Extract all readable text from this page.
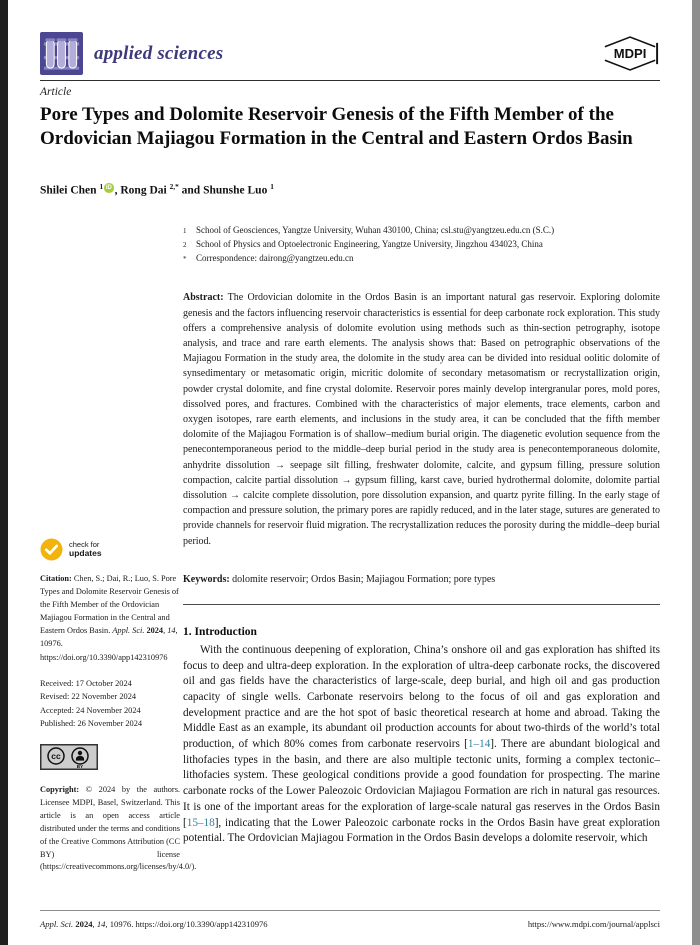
applied sciences	MDPI
Article
Pore Types and Dolomite Reservoir Genesis of the Fifth Member of the Ordovician Majiagou Formation in the Central and Eastern Ordos Basin
Shilei Chen $^1$ iD , Rong Dai $^{2,*}$ and Shunshe Luo $^1$
1	School of Geosciences, Yangtze University, Wuhan 430100, China; csl.stu@yangtzeu.edu.cn (S.C.)
2	School of Physics and Optoelectronic Engineering, Yangtze University, Jingzhou 434023, China
*	Correspondence: dairong@yangtzeu.edu.cn
Abstract: The Ordovician dolomite in the Ordos Basin is an important natural gas reservoir. Exploring dolomite genesis and the factors influencing reservoir characteristics is essential for deep carbonate rock exploration. This study offers a comprehensive analysis of dolomite evolution using methods such as thin-section petrography, isotope analysis, and trace and rare earth elements. The analysis shows that: Based on petrographic observations of the Majiagou Formation in the study area, the dolomite in the study area can be divided into residual oolitic dolomite of synsedimentary or metasomatic origin, micritic dolomite of secondary metasomatism or recrystallization origin, powder crystal dolomite, and fine crystal dolomite. Reservoir pores mainly develop intergranular pores, mold pores, dissolved pores, and fractures. Combined with the characteristics of major elements, trace elements, carbon and oxygen isotopes, rare earth elements, and inclusions in the study area, it can be concluded that the fifth member dolomite of the Majiagou Formation is of shallow–medium burial origin. The diagenetic evolution sequence from the penecontemporaneous period to the middle–deep burial period in the study area is penecontemporaneous dolomite, anhydrite dissolution → seepage silt filling, freshwater dolomite, calcite, and gypsum filling, pressure solution compaction, calcite partial dissolution → gypsum filling, karst cave, buried hydrothermal dolomite, dolomite partial dissolution → calcite complete dissolution, pore dissolution expansion, and quartz pyrite filling. In the early stage of compaction and pressure solution, the primary pores are rapidly reduced, and in the later stage, sutures are generated to provide channels for reservoir fluid migration. The recrystallization reduces the porosity during the middle–deep burial period.
Keywords: dolomite reservoir; Ordos Basin; Majiagou Formation; pore types
1. Introduction
With the continuous deepening of exploration, China’s onshore oil and gas exploration has shifted its focus to deep and ultra-deep exploration. In the exploration of ultra-deep carbonate rocks, the discovered oil and gas fields have the characteristics of large-scale, deep burial, and high oil and gas production capacity of single wells. Carbonate reservoirs belong to the focus of oil and gas exploration and development practice and are the hot spot of basic theoretical research at home and abroad. Taking the Middle East as an example, its abundant oil production accounts for about two-thirds of the world’s total production, of which 80% comes from carbonate reservoirs [1–14]. There are abundant biological and lithofacies types in the basin, and there are also multiple tectonic units, forming a complex tectonic–lithofacies system. These geological conditions provide a good foundation for prospecting. The marine carbonate rocks of the Lower Paleozoic Ordovician Majiagou Formation are rich in natural gas resources. It is one of the important areas for the exploration of large-scale natural gas reserves in the Ordos Basin [15–18], indicating that the Lower Paleozoic carbonate rocks in the Ordos Basin have great exploration potential. The Ordovician Majiagou Formation in the Ordos Basin develops a dolomite reservoir, which
check for
updates
Citation: Chen, S.; Dai, R.; Luo, S. Pore Types and Dolomite Reservoir Genesis of the Fifth Member of the Ordovician Majiagou Formation in the Central and Eastern Ordos Basin. Appl. Sci. 2024, 14, 10976. https://doi.org/10.3390/app142310976
Received: 17 October 2024
Revised: 22 November 2024
Accepted: 24 November 2024
Published: 26 November 2024
cc
BY
Copyright: © 2024 by the authors. Licensee MDPI, Basel, Switzerland. This article is an open access article distributed under the terms and conditions of the Creative Commons Attribution (CC BY) license (https://creativecommons.org/licenses/by/4.0/).
Appl. Sci. 2024, 14, 10976. https://doi.org/10.3390/app142310976	https://www.mdpi.com/journal/applsci
